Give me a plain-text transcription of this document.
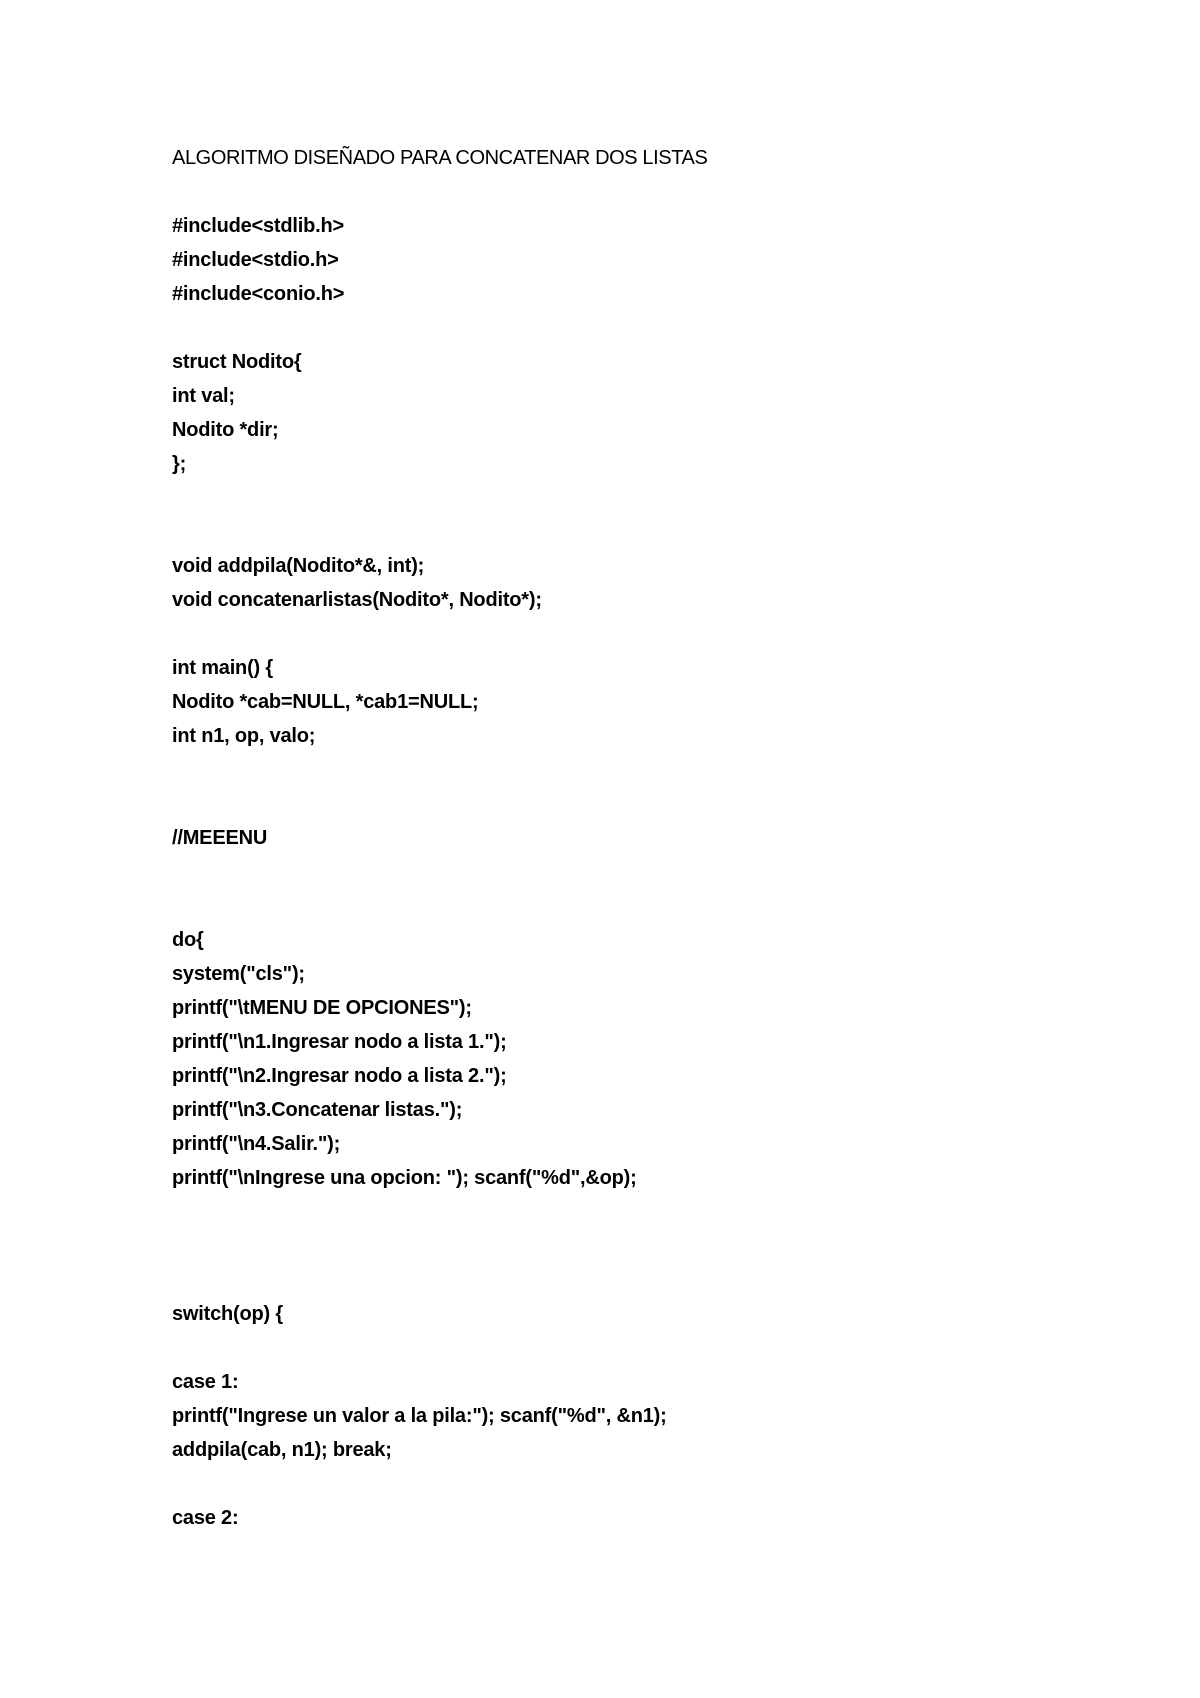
ALGORITMO DISEÑADO PARA CONCATENAR DOS LISTAS

#include<stdlib.h>

#include<stdio.h>

#include<conio.h>

struct Nodito{

int val;

Nodito *dir;

};

void addpila(Nodito*&, int);

void concatenarlistas(Nodito*, Nodito*);

int main() {

Nodito *cab=NULL, *cab1=NULL;

int n1, op, valo;

//MEEENU

do{

system("cls");

printf("\tMENU DE OPCIONES");

printf("\n1.Ingresar nodo a lista 1.");

printf("\n2.Ingresar nodo a lista 2.");

printf("\n3.Concatenar listas.");

printf("\n4.Salir.");

printf("\nIngrese una opcion: "); scanf("%d",&op);

switch(op) {

case 1:

printf("Ingrese un valor a la pila:"); scanf("%d", &n1);

addpila(cab, n1); break;

case 2:
